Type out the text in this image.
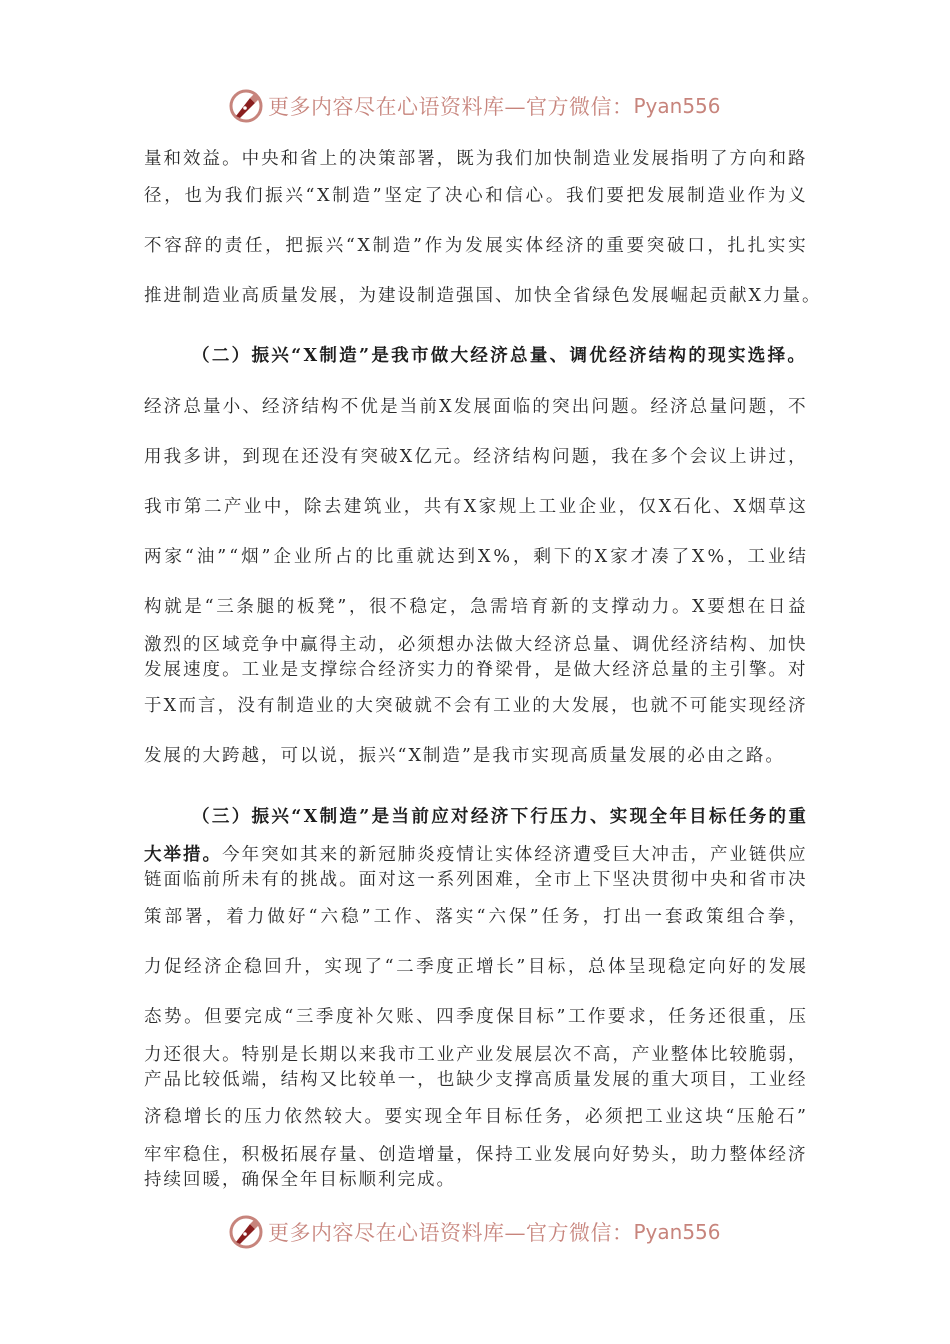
更多内容尽在心语资料库—官方微信： Pyan556
量 和 效 益 。 中 央 和 省 上 的 决 策 部 署 ， 既 为 我 们 加 快 制 造 业 发 展 指 明 了 方 向 和 路
径 ， 也 为 我 们 振 兴 “ X 制 造 ” 坚 定 了 决 心 和 信 心 。 我 们 要 把 发 展 制 造 业 作 为 义
不 容 辞 的 责 任 ， 把 振 兴 “ X 制 造 ” 作 为 发 展 实 体 经 济 的 重 要 突 破 口 ， 扎 扎 实 实
推进制造业高质量发展，为建设制造强国、加快全省绿色发展崛起贡献X力量。
（ 二 ） 振 兴 “ X 制 造 ” 是 我 市 做 大 经 济 总 量 、 调 优 经 济 结 构 的 现 实 选 择 。
经 济 总 量 小 、 经 济 结 构 不 优 是 当 前 X 发 展 面 临 的 突 出 问 题 。 经 济 总 量 问 题 ， 不
用 我 多 讲 ， 到 现 在 还 没 有 突 破 X 亿 元 。 经 济 结 构 问 题 ， 我 在 多 个 会 议 上 讲 过 ，
我 市 第 二 产 业 中 ， 除 去 建 筑 业 ， 共 有 X 家 规 上 工 业 企 业 ， 仅 X 石 化 、 X 烟 草 这
两 家 “ 油 ” “ 烟 ” 企 业 所 占 的 比 重 就 达 到 X % ， 剩 下 的 X 家 才 凑 了 X % ， 工 业 结
构 就 是 “ 三 条 腿 的 板 凳 ” ， 很 不 稳 定 ， 急 需 培 育 新 的 支 撑 动 力 。 X 要 想 在 日 益
激 烈 的 区 域 竞 争 中 赢 得 主 动 ， 必 须 想 办 法 做 大 经 济 总 量 、 调 优 经 济 结 构 、 加 快
发 展 速 度 。 工 业 是 支 撑 综 合 经 济 实 力 的 脊 梁 骨 ， 是 做 大 经 济 总 量 的 主 引 擎 。 对
于 X 而 言 ， 没 有 制 造 业 的 大 突 破 就 不 会 有 工 业 的 大 发 展 ， 也 就 不 可 能 实 现 经 济
发展的大跨越，可以说，振兴“X制造”是我市实现高质量发展的必由之路。
（ 三 ） 振 兴 “ X 制 造 ” 是 当 前 应 对 经 济 下 行 压 力 、 实 现 全 年 目 标 任 务 的 重
大 举 措 。 今 年 突 如 其 来 的 新 冠 肺 炎 疫 情 让 实 体 经 济 遭 受 巨 大 冲 击 ， 产 业 链 供 应
链 面 临 前 所 未 有 的 挑 战 。 面 对 这 一 系 列 困 难 ， 全 市 上 下 坚 决 贯 彻 中 央 和 省 市 决
策 部 署 ， 着 力 做 好 “ 六 稳 ” 工 作 、 落 实 “ 六 保 ” 任 务 ， 打 出 一 套 政 策 组 合 拳 ，
力 促 经 济 企 稳 回 升 ， 实 现 了 “ 二 季 度 正 增 长 ” 目 标 ， 总 体 呈 现 稳 定 向 好 的 发 展
态 势 。 但 要 完 成 “ 三 季 度 补 欠 账 、 四 季 度 保 目 标 ” 工 作 要 求 ， 任 务 还 很 重 ， 压
力 还 很 大 。 特 别 是 长 期 以 来 我 市 工 业 产 业 发 展 层 次 不 高 ， 产 业 整 体 比 较 脆 弱 ，
产 品 比 较 低 端 ， 结 构 又 比 较 单 一 ， 也 缺 少 支 撑 高 质 量 发 展 的 重 大 项 目 ， 工 业 经
济 稳 增 长 的 压 力 依 然 较 大 。 要 实 现 全 年 目 标 任 务 ， 必 须 把 工 业 这 块 “ 压 舱 石 ”
牢 牢 稳 住 ， 积 极 拓 展 存 量 、 创 造 增 量 ， 保 持 工 业 发 展 向 好 势 头 ， 助 力 整 体 经 济
持续回暖，确保全年目标顺利完成。
更多内容尽在心语资料库—官方微信： Pyan556
